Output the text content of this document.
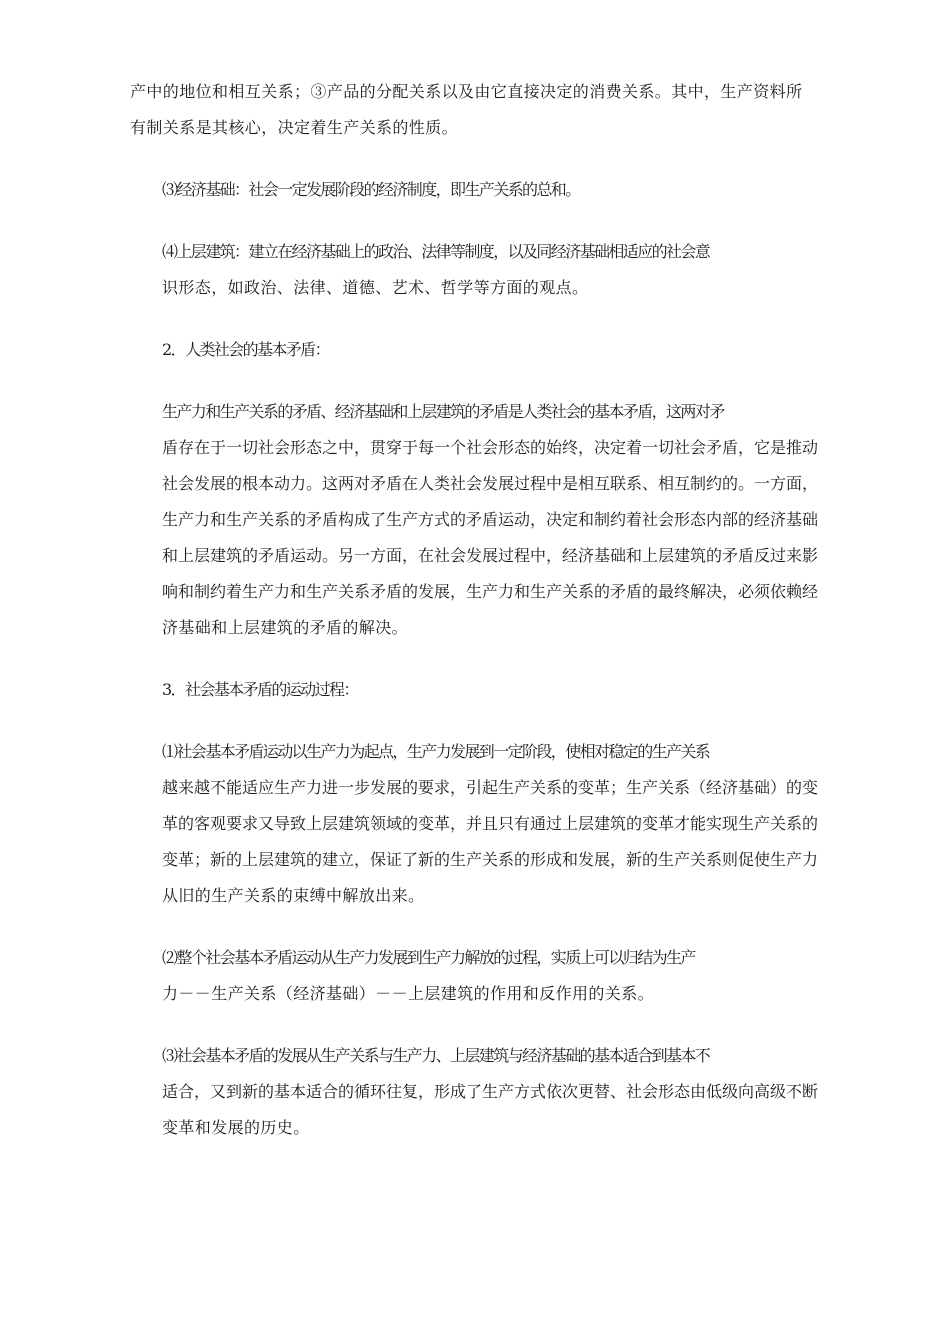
产中的地位和相互关系；③产品的分配关系以及由它直接决定的消费关系。其中，生产资料所
有制关系是其核心，决定着生产关系的性质。

⑶经济基础：社会一定发展阶段的经济制度，即生产关系的总和。

⑷上层建筑：建立在经济基础上的政治、法律等制度，以及同经济基础相适应的社会意
识形态，如政治、法律、道德、艺术、哲学等方面的观点。

2．人类社会的基本矛盾：

生产力和生产关系的矛盾、经济基础和上层建筑的矛盾是人类社会的基本矛盾，这两对矛
盾存在于一切社会形态之中，贯穿于每一个社会形态的始终，决定着一切社会矛盾，它是推动
社会发展的根本动力。这两对矛盾在人类社会发展过程中是相互联系、相互制约的。一方面，
生产力和生产关系的矛盾构成了生产方式的矛盾运动，决定和制约着社会形态内部的经济基础
和上层建筑的矛盾运动。另一方面，在社会发展过程中，经济基础和上层建筑的矛盾反过来影
响和制约着生产力和生产关系矛盾的发展，生产力和生产关系的矛盾的最终解决，必须依赖经
济基础和上层建筑的矛盾的解决。

3．社会基本矛盾的运动过程：

⑴社会基本矛盾运动以生产力为起点，生产力发展到一定阶段，使相对稳定的生产关系
越来越不能适应生产力进一步发展的要求，引起生产关系的变革；生产关系（经济基础）的变
革的客观要求又导致上层建筑领域的变革，并且只有通过上层建筑的变革才能实现生产关系的
变革；新的上层建筑的建立，保证了新的生产关系的形成和发展，新的生产关系则促使生产力
从旧的生产关系的束缚中解放出来。

⑵整个社会基本矛盾运动从生产力发展到生产力解放的过程，实质上可以归结为生产
力－－生产关系（经济基础）－－上层建筑的作用和反作用的关系。

⑶社会基本矛盾的发展从生产关系与生产力、上层建筑与经济基础的基本适合到基本不
适合，又到新的基本适合的循环往复，形成了生产方式依次更替、社会形态由低级向高级不断
变革和发展的历史。
